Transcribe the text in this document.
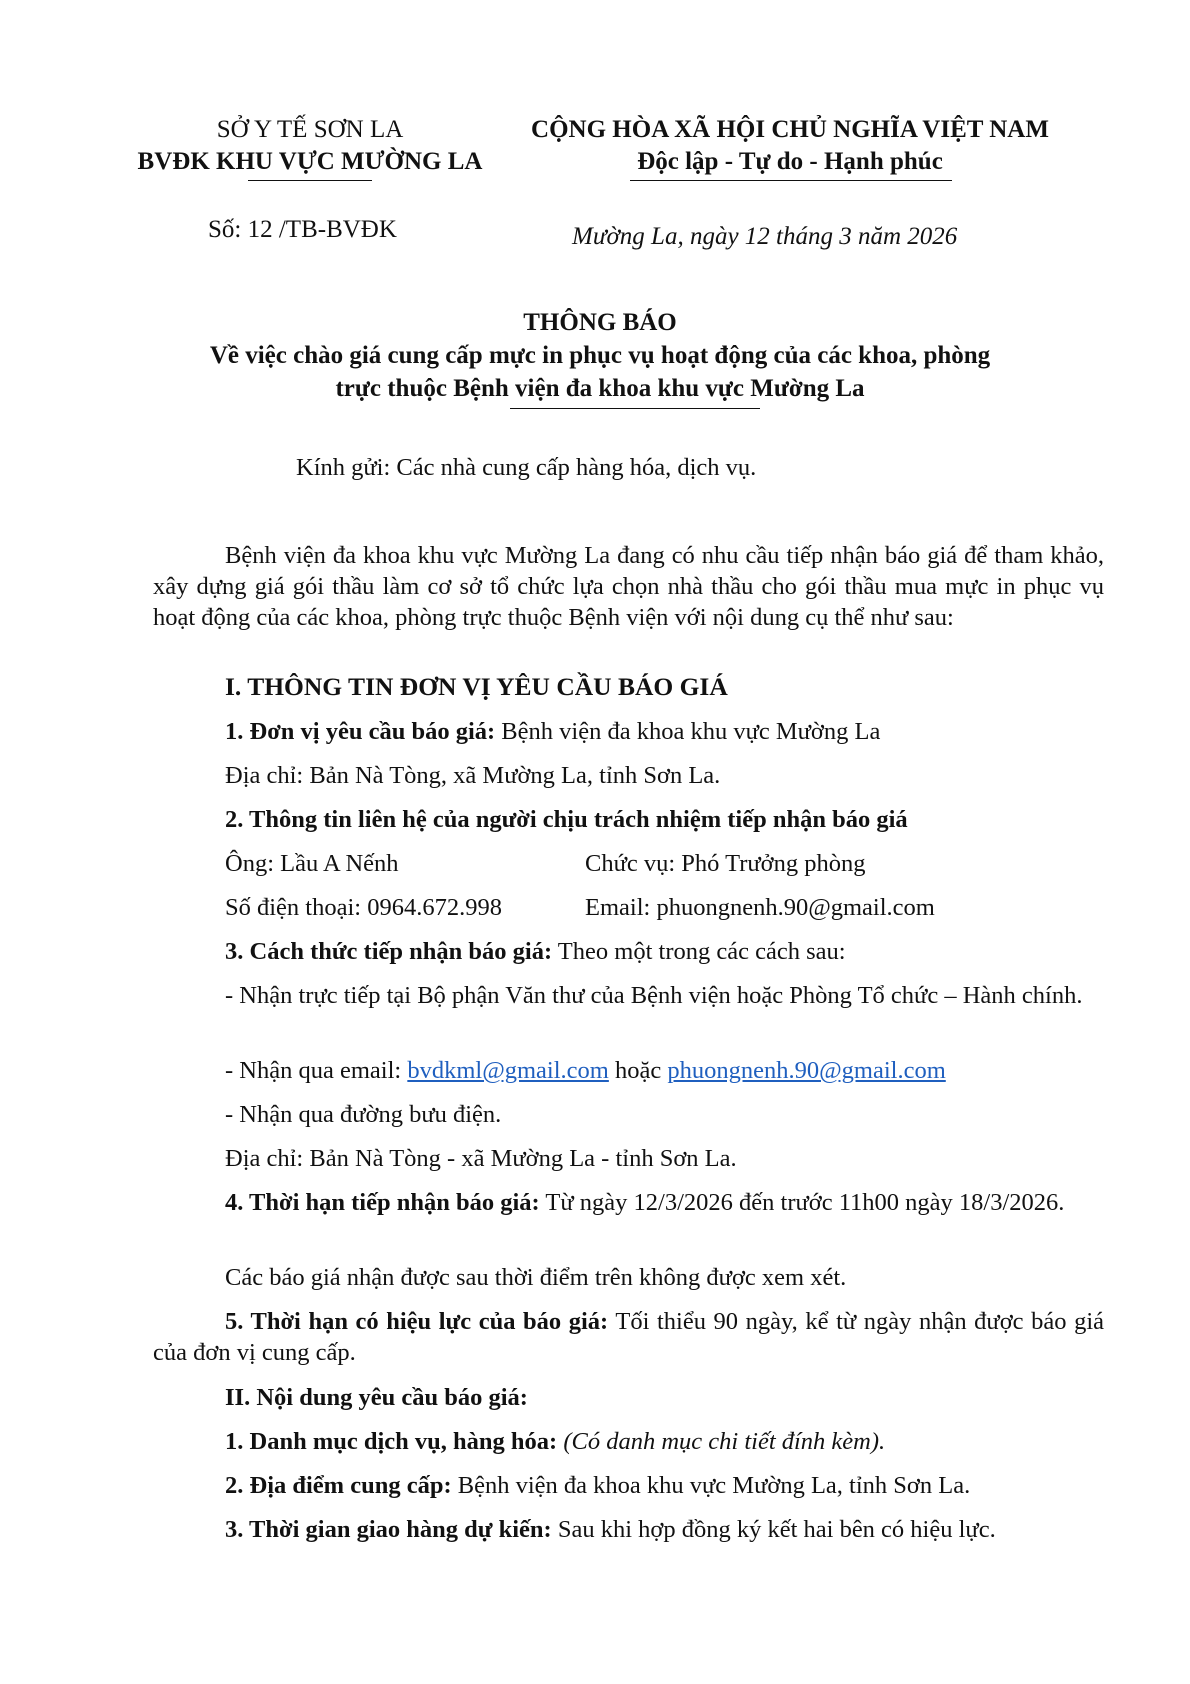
SỞ Y TẾ SƠN LA
BVĐK KHU VỰC MƯỜNG LA
CỘNG HÒA XÃ HỘI CHỦ NGHĨA VIỆT NAM
Độc lập - Tự do - Hạnh phúc
Số: 12 /TB-BVĐK	Mường La, ngày 12 tháng 3 năm 2026
THÔNG BÁO
Về việc chào giá cung cấp mực in phục vụ hoạt động của các khoa, phòng
trực thuộc Bệnh viện đa khoa khu vực Mường La
Kính gửi: Các nhà cung cấp hàng hóa, dịch vụ.
Bệnh viện đa khoa khu vực Mường La đang có nhu cầu tiếp nhận báo giá để tham khảo, xây dựng giá gói thầu làm cơ sở tổ chức lựa chọn nhà thầu cho gói thầu mua mực in phục vụ hoạt động của các khoa, phòng trực thuộc Bệnh viện với nội dung cụ thể như sau:
I. THÔNG TIN ĐƠN VỊ YÊU CẦU BÁO GIÁ
1. Đơn vị yêu cầu báo giá: Bệnh viện đa khoa khu vực Mường La
Địa chỉ: Bản Nà Tòng, xã Mường La, tỉnh Sơn La.
2. Thông tin liên hệ của người chịu trách nhiệm tiếp nhận báo giá
Ông: Lầu A Nếnh	Chức vụ: Phó Trưởng phòng
Số điện thoại: 0964.672.998	Email: phuongnenh.90@gmail.com
3. Cách thức tiếp nhận báo giá: Theo một trong các cách sau:
- Nhận trực tiếp tại Bộ phận Văn thư của Bệnh viện hoặc Phòng Tổ chức – Hành chính.
- Nhận qua email: bvdkml@gmail.com hoặc phuongnenh.90@gmail.com
- Nhận qua đường bưu điện.
Địa chỉ: Bản Nà Tòng - xã Mường La - tỉnh Sơn La.
4. Thời hạn tiếp nhận báo giá: Từ ngày 12/3/2026 đến trước 11h00 ngày 18/3/2026.
Các báo giá nhận được sau thời điểm trên không được xem xét.
5. Thời hạn có hiệu lực của báo giá: Tối thiểu 90 ngày, kể từ ngày nhận được báo giá của đơn vị cung cấp.
II. Nội dung yêu cầu báo giá:
1. Danh mục dịch vụ, hàng hóa: (Có danh mục chi tiết đính kèm).
2. Địa điểm cung cấp: Bệnh viện đa khoa khu vực Mường La, tỉnh Sơn La.
3. Thời gian giao hàng dự kiến: Sau khi hợp đồng ký kết hai bên có hiệu lực.
